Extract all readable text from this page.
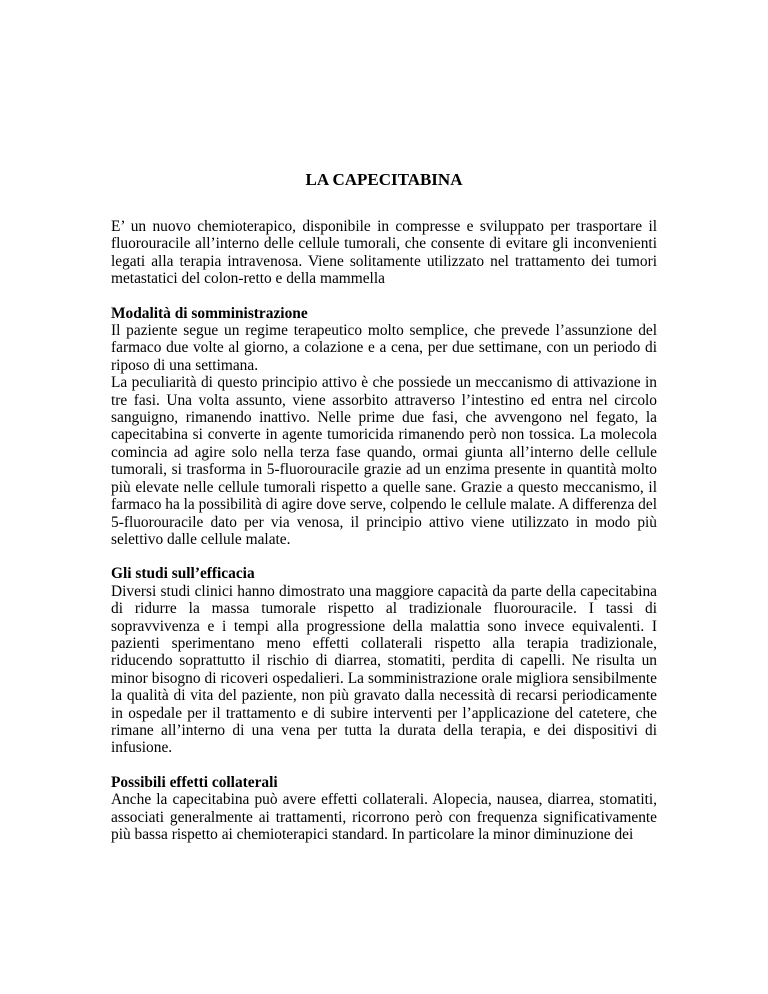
LA CAPECITABINA

E’ un nuovo chemioterapico, disponibile in compresse e sviluppato per trasportare il fluorouracile all’interno delle cellule tumorali, che consente di evitare gli inconvenienti legati alla terapia intravenosa. Viene solitamente utilizzato nel trattamento dei tumori metastatici del colon-retto e della mammella

Modalità di somministrazione

Il paziente segue un regime terapeutico molto semplice, che prevede l’assunzione del farmaco due volte al giorno, a colazione e a cena, per due settimane, con un periodo di riposo di una settimana.

La peculiarità di questo principio attivo è che possiede un meccanismo di attivazione in tre fasi. Una volta assunto, viene assorbito attraverso l’intestino ed entra nel circolo sanguigno, rimanendo inattivo. Nelle prime due fasi, che avvengono nel fegato, la capecitabina si converte in agente tumoricida rimanendo però non tossica. La molecola comincia ad agire solo nella terza fase quando, ormai giunta all’interno delle cellule tumorali, si trasforma in 5-fluorouracile grazie ad un enzima presente in quantità molto più elevate nelle cellule tumorali rispetto a quelle sane. Grazie a questo meccanismo, il farmaco ha la possibilità di agire dove serve, colpendo le cellule malate. A differenza del 5-fluorouracile dato per via venosa, il principio attivo viene utilizzato in modo più selettivo dalle cellule malate.

Gli studi sull’efficacia

Diversi studi clinici hanno dimostrato una maggiore capacità da parte della capecitabina di ridurre la massa tumorale rispetto al tradizionale fluorouracile. I tassi di sopravvivenza e i tempi alla progressione della malattia sono invece equivalenti. I pazienti sperimentano meno effetti collaterali rispetto alla terapia tradizionale, riducendo soprattutto il rischio di diarrea, stomatiti, perdita di capelli. Ne risulta un minor bisogno di ricoveri ospedalieri. La somministrazione orale migliora sensibilmente la qualità di vita del paziente, non più gravato dalla necessità di recarsi periodicamente in ospedale per il trattamento e di subire interventi per l’applicazione del catetere, che rimane all’interno di una vena per tutta la durata della terapia, e dei dispositivi di infusione.

Possibili effetti collaterali

Anche la capecitabina può avere effetti collaterali. Alopecia, nausea, diarrea, stomatiti, associati generalmente ai trattamenti, ricorrono però con frequenza significativamente più bassa rispetto ai chemioterapici standard. In particolare la minor diminuzione dei
